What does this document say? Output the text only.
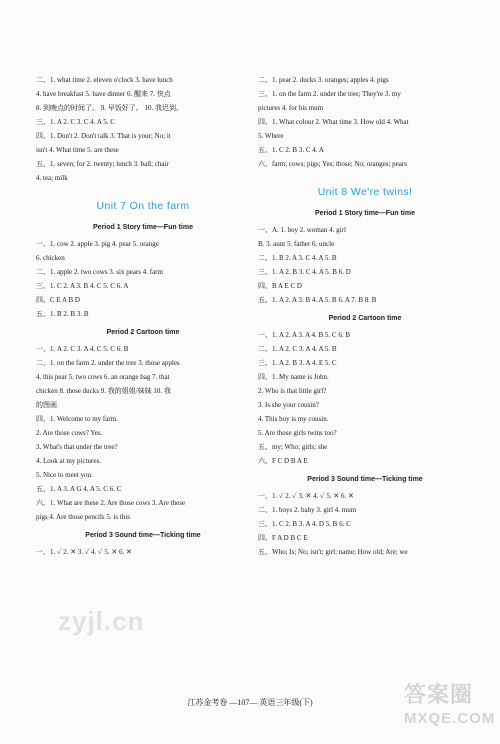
二、1. what time 2. eleven o'clock 3. have lunch
4. have breakfast 5. have dinner 6. 醒来 7. 快点
8. 到晚点的时间了。 9. 早饭好了。 10. 我迟到。
三、1. A 2. C 3. C 4. A 5. C
四、1. Don't 2. Don't talk 3. That is your; No; it
isn't 4. What time 5. are these
五、1. seven; for 2. twenty; lunch 3. ball; chair
4. tea; milk
Unit 7 On the farm
Period 1 Story time—Fun time
一、1. cow 2. apple 3. pig 4. pear 5. orange
6. chicken
二、1. apple 2. two cows 3. six pears 4. farm
三、1. C 2. A 3. B 4. C 5. C 6. A
四、C E A B D
五、1. B 2. B 3. B
Period 2 Cartoon time
一、1. A 2. C 3. A 4. C 5. C 6. B
二、1. on the farm 2. under the tree 3. those apples
4. this pear 5. two cows 6. an orange bag 7. that
chicken 8. these ducks 9. 我的姐姐/妹妹 10. 我
的图画
四、1. Welcome to my farm.
2. Are those cows? Yes.
3. What's that under the tree?
4. Look at my pictures.
5. Nice to meet you.
五、1. A 3. A G 4. A 5. C 6. C
六、1. What are these 2. Are those cows 3. Are these
pigs 4. Are those pencils 5. is this
Period 3 Sound time—Ticking time
一、1. ✓ 2. ✕ 3. ✓ 4. ✓ 5. ✕ 6. ✕
二、1. pear 2. ducks 3. oranges; apples 4. pigs
三、1. on the farm 2. under the tree; They're 3. my
pictures 4. for his mum
四、1. What colour 2. What time 3. How old 4. What
5. Where
五、1. C 2. B 3. C 4. A
六、farm; cows; pigs; Yes; those; No; oranges; pears
Unit 8 We're twins!
Period 1 Story time—Fun time
一、A. 1. boy 2. woman 4. girl
B. 3. aunt 5. father 6. uncle
二、1. B 2. A 3. C 4. A 5. B
三、1. A 2. B 3. C 4. A 5. B 6. D
四、B A E C D
五、1. A 2. A 3. B 4. A 5. B 6. A 7. B 8. B
Period 2 Cartoon time
一、1. A 2. A 3. A 4. B 5. C 6. B
二、1. A 2. C 3. A 4. A 5. B
三、1. A 2. B 3. A 4. E 5. C
四、1. My name is John.
2. Who is that little girl?
3. Is she your cousin?
4. This boy is my cousin.
5. Are those girls twins too?
五、my; Who; girls; she
六、F C D B A E
Period 3 Sound time—Ticking time
一、1. ✓ 2. ✓ 3. ✕ 4. ✓ 5. ✕ 6. ✕
二、1. boys 2. baby 3. girl 4. mum
三、1. C 2. B 3. A 4. D 5. B 6. C
四、F A D B C E
五、Who; Is; No; isn't; girl; name; How old; Are; we
zyjl.cn
江苏金考卷 —107— 英语三年级(下)	答案圈
MXQE.COM
